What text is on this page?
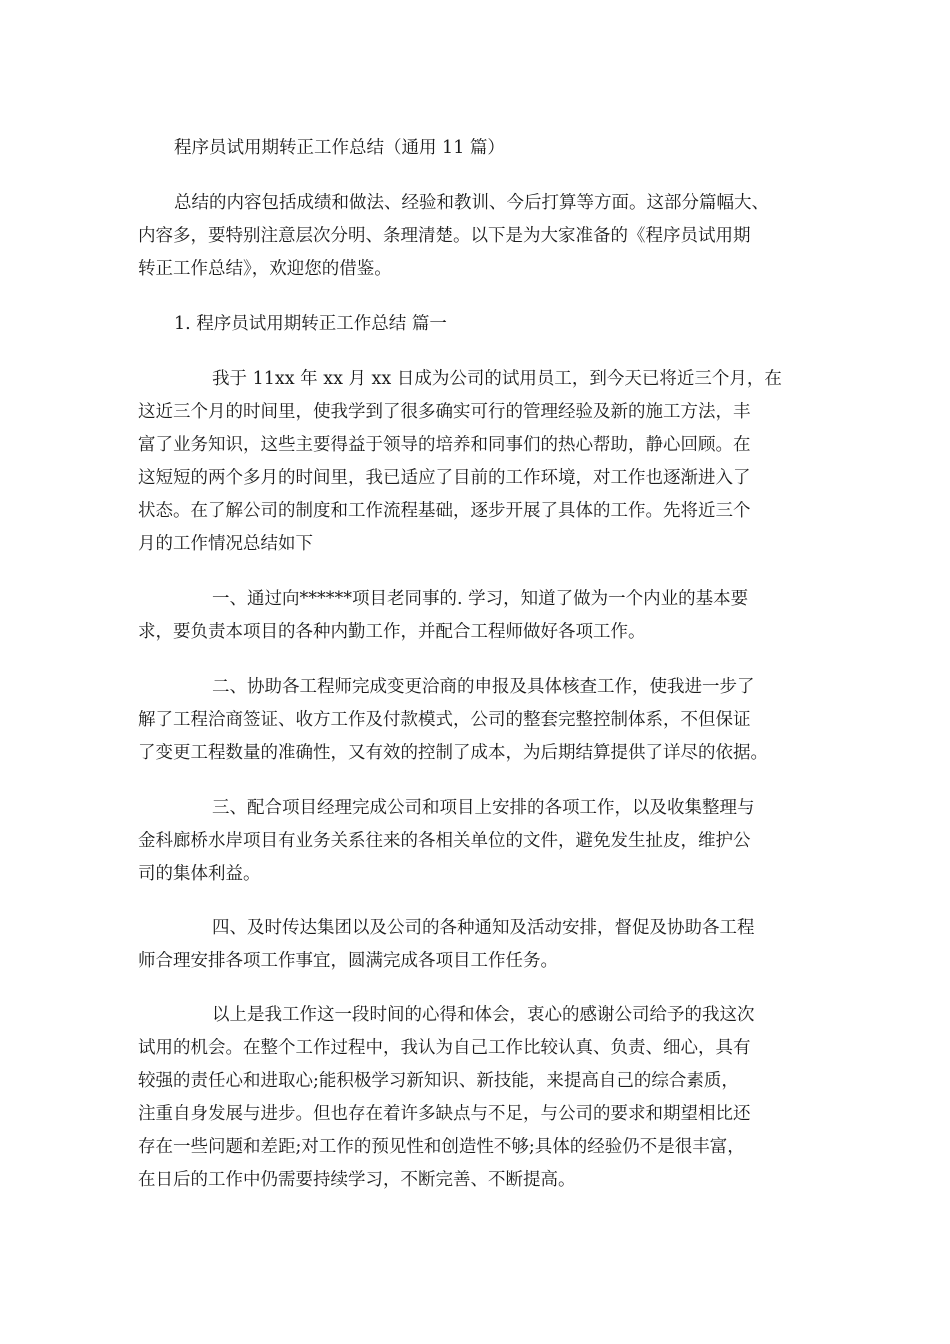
程序员试用期转正工作总结（通用 11 篇）

总结的内容包括成绩和做法、经验和教训、今后打算等方面。这部分篇幅大、
内容多，要特别注意层次分明、条理清楚。以下是为大家准备的《程序员试用期
转正工作总结》，欢迎您的借鉴。

1. 程序员试用期转正工作总结 篇一

我于 11xx 年 xx 月 xx 日成为公司的试用员工，到今天已将近三个月，在
这近三个月的时间里，使我学到了很多确实可行的管理经验及新的施工方法，丰
富了业务知识，这些主要得益于领导的培养和同事们的热心帮助，静心回顾。在
这短短的两个多月的时间里，我已适应了目前的工作环境，对工作也逐渐进入了
状态。在了解公司的制度和工作流程基础，逐步开展了具体的工作。先将近三个
月的工作情况总结如下

一、通过向******项目老同事的. 学习，知道了做为一个内业的基本要
求，要负责本项目的各种内勤工作，并配合工程师做好各项工作。

二、协助各工程师完成变更洽商的申报及具体核查工作，使我进一步了
解了工程洽商签证、收方工作及付款模式，公司的整套完整控制体系，不但保证
了变更工程数量的准确性，又有效的控制了成本，为后期结算提供了详尽的依据。

三、配合项目经理完成公司和项目上安排的各项工作，以及收集整理与
金科廊桥水岸项目有业务关系往来的各相关单位的文件，避免发生扯皮，维护公
司的集体利益。

四、及时传达集团以及公司的各种通知及活动安排，督促及协助各工程
师合理安排各项工作事宜，圆满完成各项目工作任务。

以上是我工作这一段时间的心得和体会，衷心的感谢公司给予的我这次
试用的机会。在整个工作过程中，我认为自己工作比较认真、负责、细心，具有
较强的责任心和进取心;能积极学习新知识、新技能，来提高自己的综合素质，
注重自身发展与进步。但也存在着许多缺点与不足，与公司的要求和期望相比还
存在一些问题和差距;对工作的预见性和创造性不够;具体的经验仍不是很丰富，
在日后的工作中仍需要持续学习，不断完善、不断提高。
